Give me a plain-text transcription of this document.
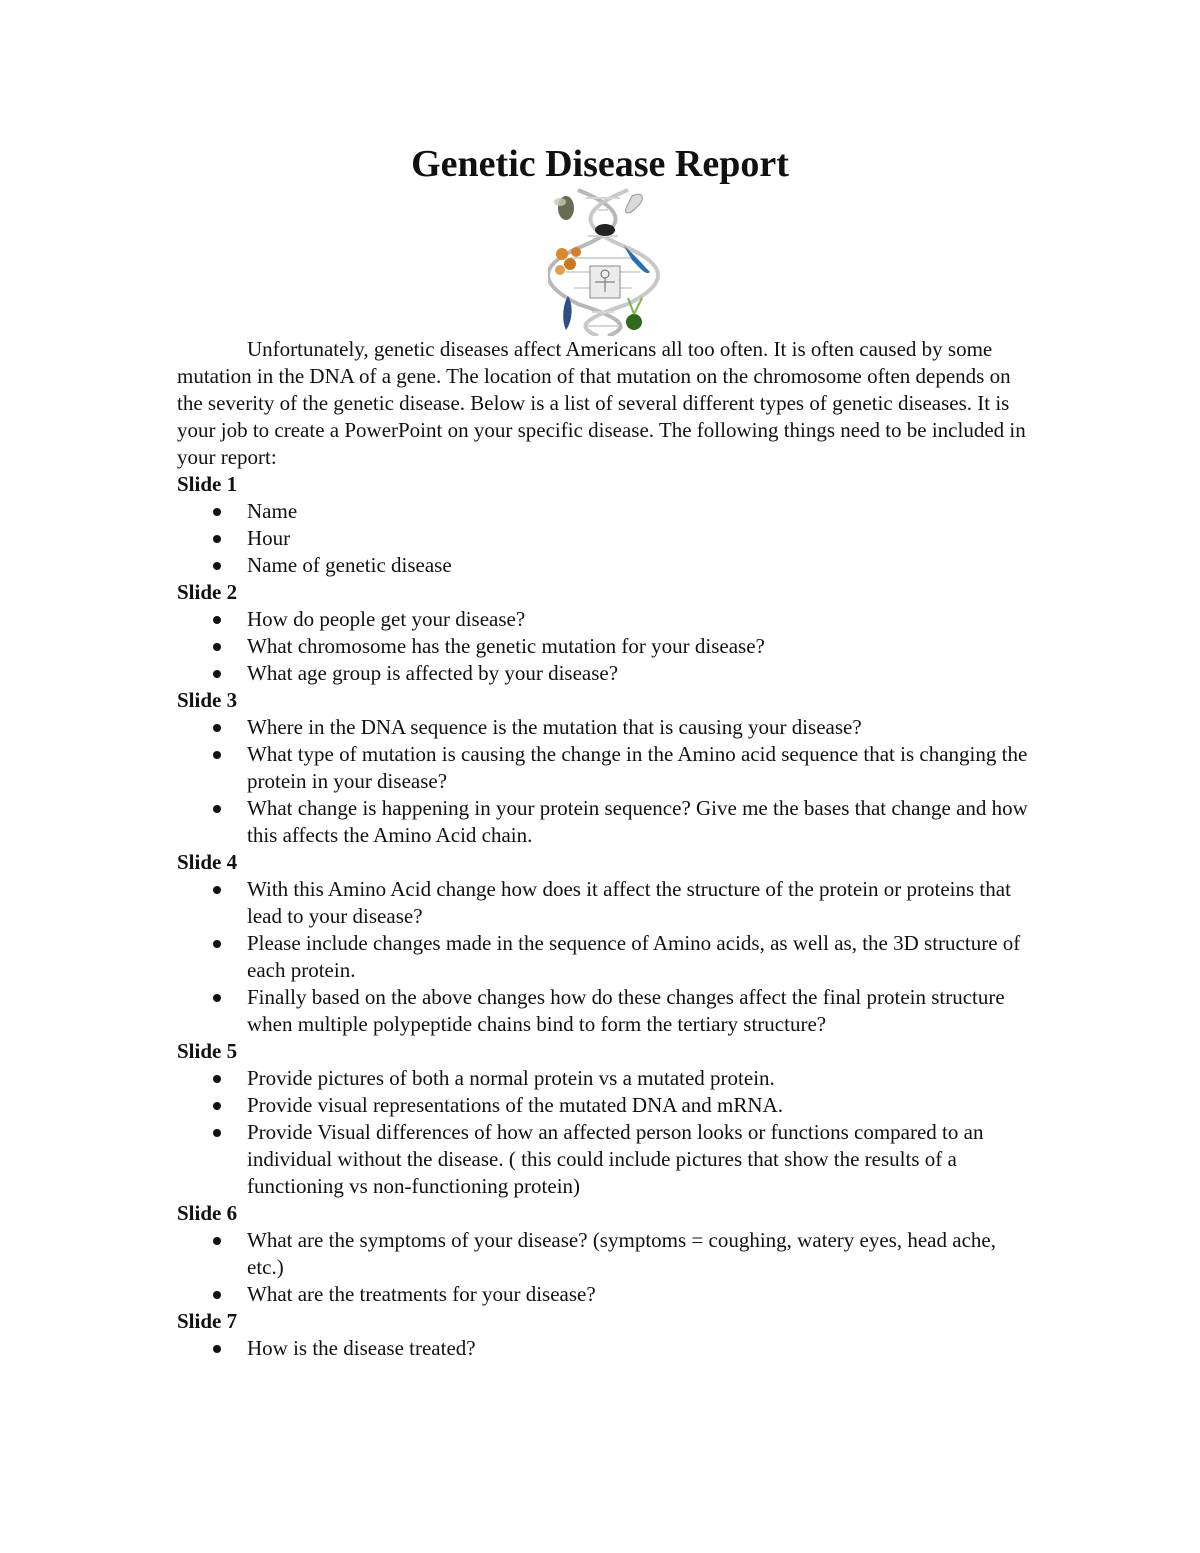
Genetic Disease Report

Unfortunately, genetic diseases affect Americans all too often. It is often caused by some mutation in the DNA of a gene. The location of that mutation on the chromosome often depends on the severity of the genetic disease. Below is a list of several different types of genetic diseases. It is your job to create a PowerPoint on your specific disease. The following things need to be included in your report:

Slide 1
Name
Hour
Name of genetic disease
Slide 2
How do people get your disease?
What chromosome has the genetic mutation for your disease?
What age group is affected by your disease?
Slide 3
Where in the DNA sequence is the mutation that is causing your disease?
What type of mutation is causing the change in the Amino acid sequence that is changing the protein in your disease?
What change is happening in your protein sequence? Give me the bases that change and how this affects the Amino Acid chain.
Slide 4
With this Amino Acid change how does it affect the structure of the protein or proteins that lead to your disease?
Please include changes made in the sequence of Amino acids, as well as, the 3D structure of each protein.
Finally based on the above changes how do these changes affect the final protein structure when multiple polypeptide chains bind to form the tertiary structure?
Slide 5
Provide pictures of both a normal protein vs a mutated protein.
Provide visual representations of the mutated DNA and mRNA.
Provide Visual differences of how an affected person looks or functions compared to an individual without the disease. ( this could include pictures that show the results of a functioning vs non-functioning protein)
Slide 6
What are the symptoms of your disease? (symptoms = coughing, watery eyes, head ache, etc.)
What are the treatments for your disease?
Slide 7
How is the disease treated?
